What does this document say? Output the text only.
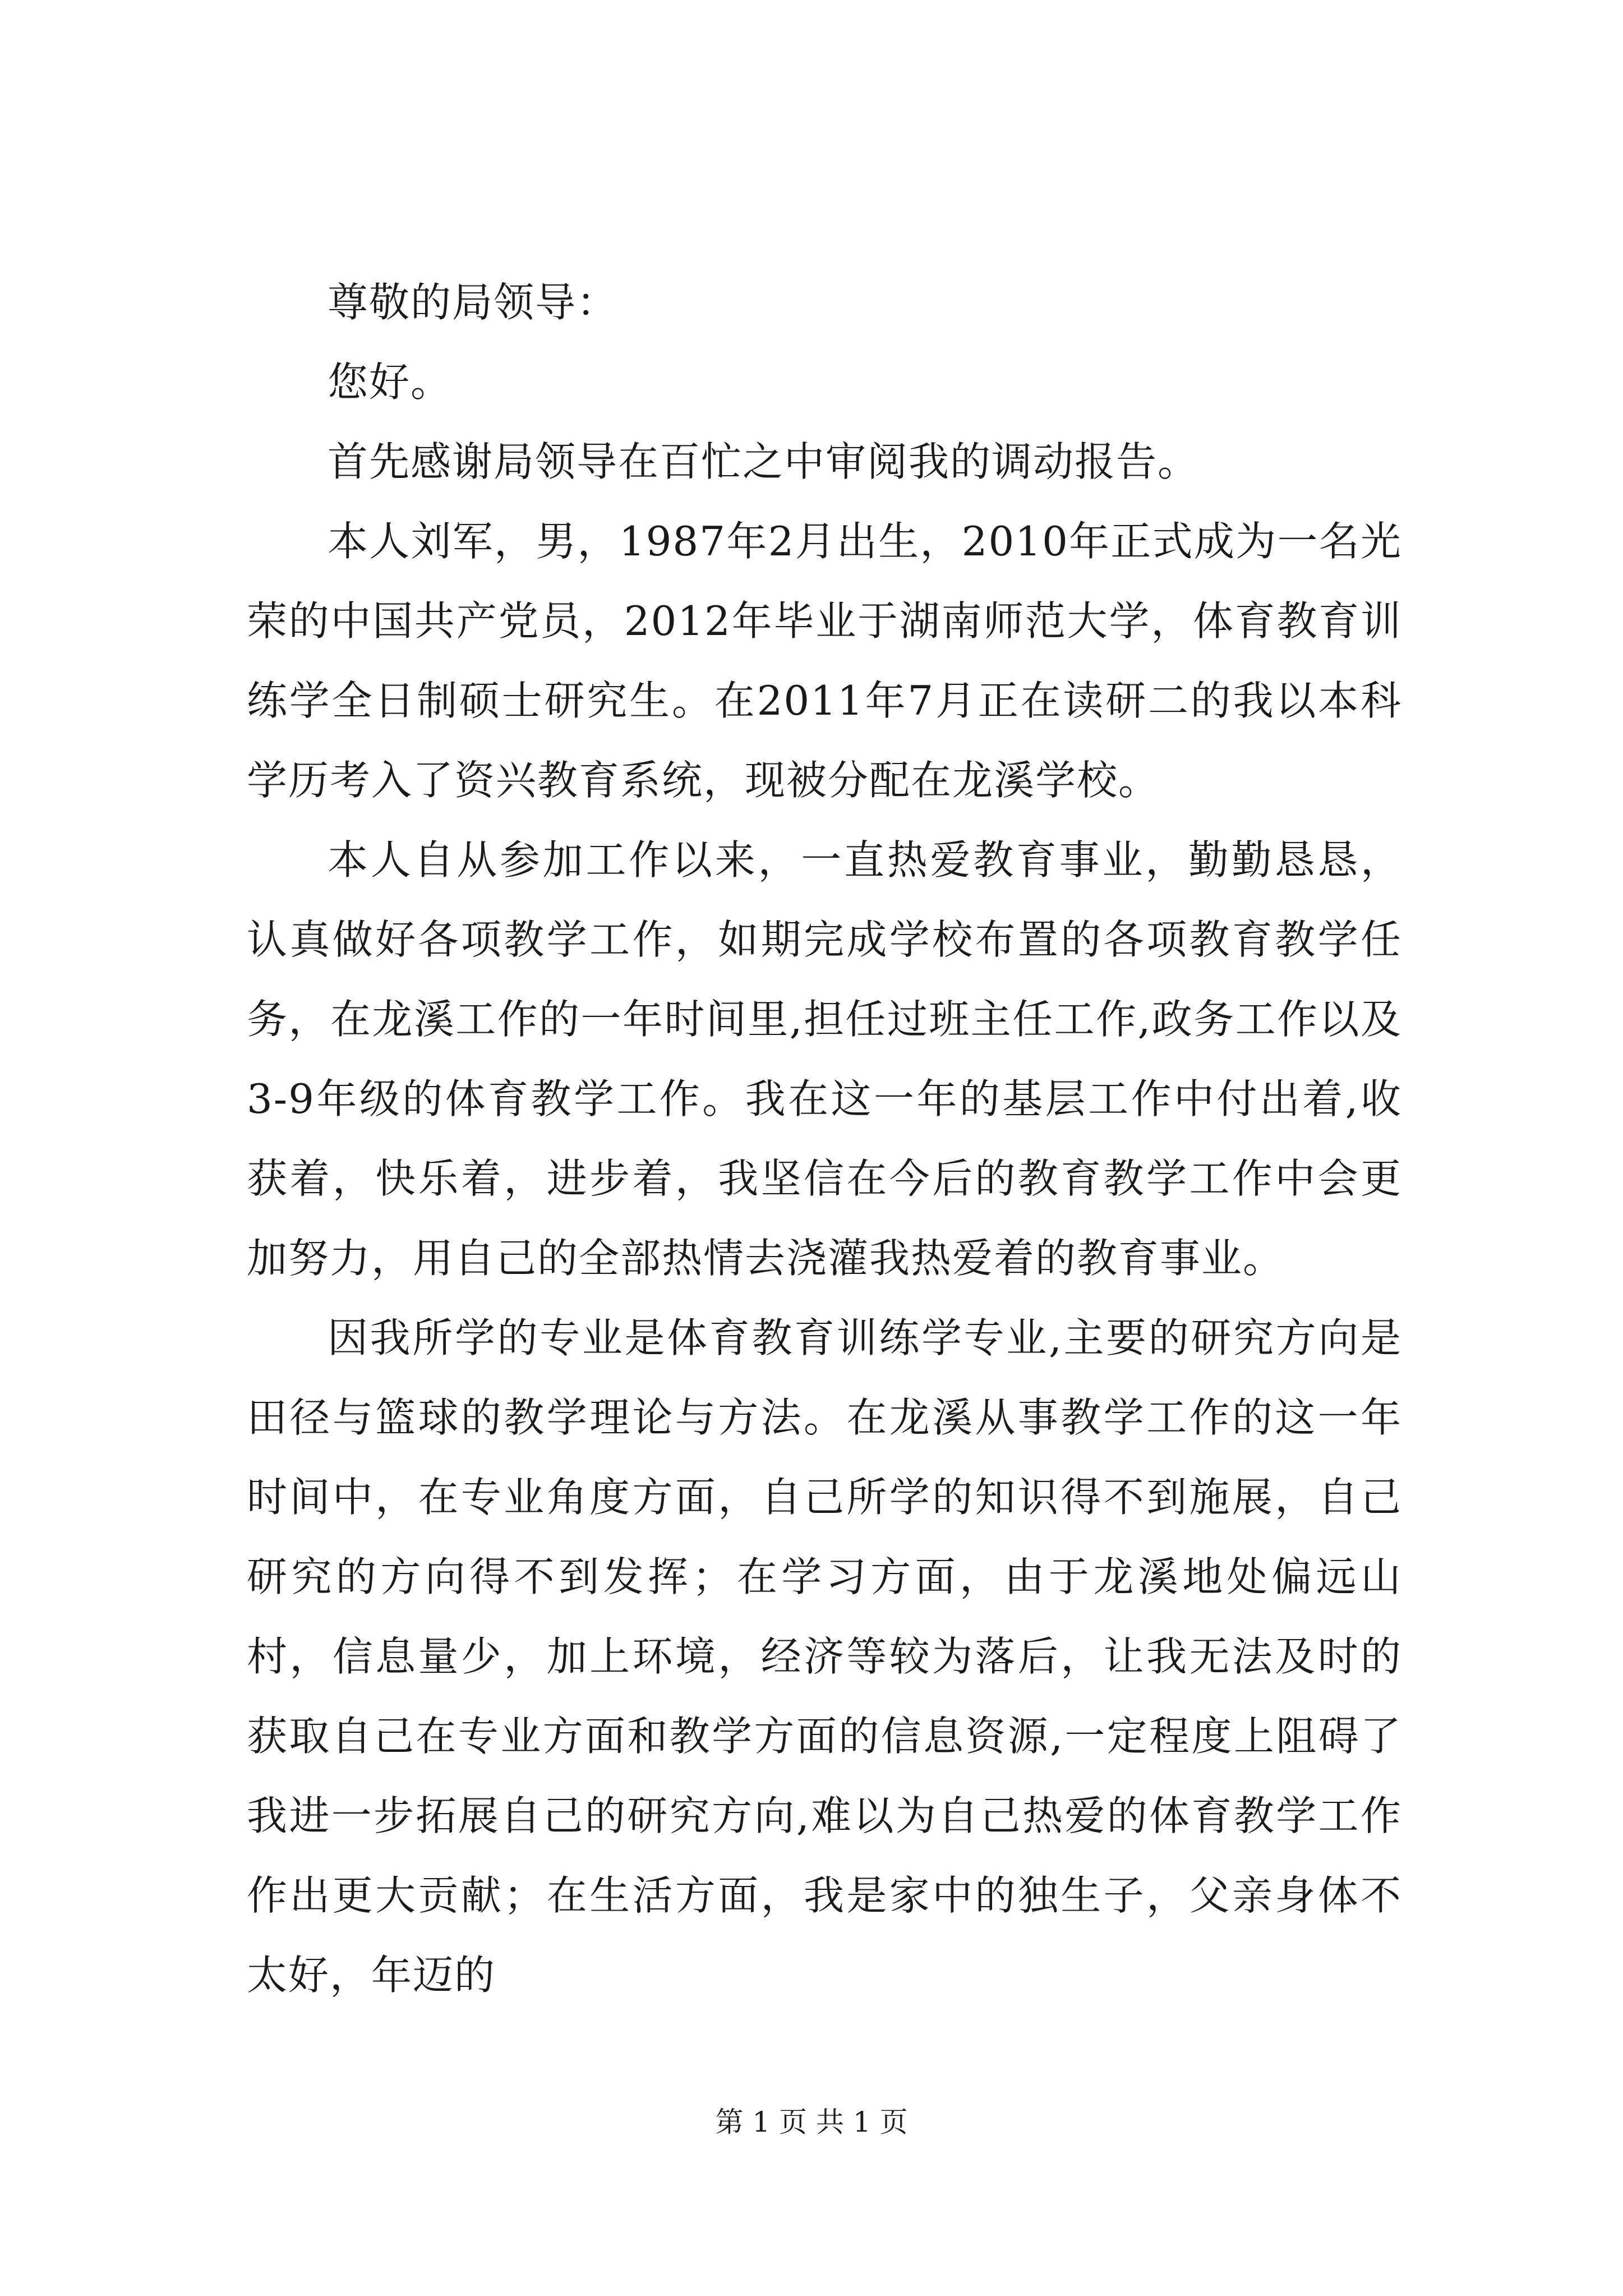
尊敬的局领导：

您好。

首先感谢局领导在百忙之中审阅我的调动报告。

本人刘军，男，1987年2月出生，2010年正式成为一名光荣的中国共产党员，2012年毕业于湖南师范大学，体育教育训练学全日制硕士研究生。在2011年7月正在读研二的我以本科学历考入了资兴教育系统，现被分配在龙溪学校。

本人自从参加工作以来，一直热爱教育事业，勤勤恳恳，认真做好各项教学工作，如期完成学校布置的各项教育教学任务，在龙溪工作的一年时间里,担任过班主任工作,政务工作以及3-9年级的体育教学工作。我在这一年的基层工作中付出着,收获着，快乐着，进步着，我坚信在今后的教育教学工作中会更加努力，用自己的全部热情去浇灌我热爱着的教育事业。

因我所学的专业是体育教育训练学专业,主要的研究方向是田径与篮球的教学理论与方法。在龙溪从事教学工作的这一年时间中，在专业角度方面，自己所学的知识得不到施展，自己研究的方向得不到发挥；在学习方面，由于龙溪地处偏远山村，信息量少，加上环境，经济等较为落后，让我无法及时的获取自己在专业方面和教学方面的信息资源,一定程度上阻碍了我进一步拓展自己的研究方向,难以为自己热爱的体育教学工作作出更大贡献；在生活方面，我是家中的独生子，父亲身体不太好，年迈的

第 1 页 共 1 页
